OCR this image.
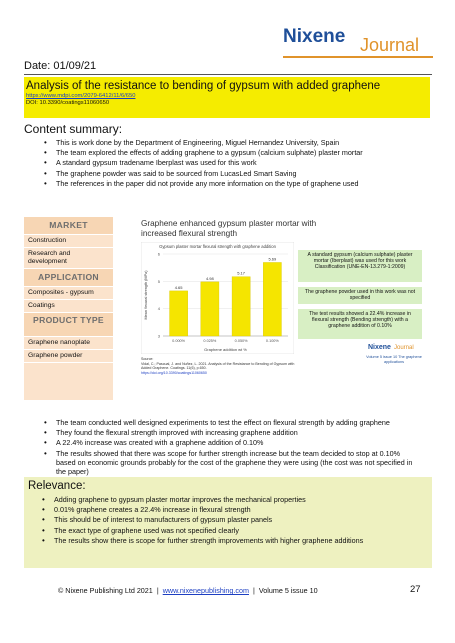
Nixene Journal
Date: 01/09/21
Analysis of the resistance to bending of gypsum with added graphene
https://www.mdpi.com/2079-6412/11/6/650
DOI: 10.3390/coatings11060650
Content summary:
• This is work done by the Department of Engineering, Miguel Hernandez University, Spain
• The team explored the effects of adding graphene to a gypsum (calcium sulphate) plaster mortar
• A standard gypsum tradename Iberplast was used for this work
• The graphene powder was said to be sourced from LucasLed Smart Saving
• The references in the paper did not provide any more information on the type of graphene used
MARKET
Construction
Research and development
APPLICATION
Composites - gypsum
Coatings
PRODUCT TYPE
Graphene nanoplate
Graphene powder
Graphene enhanced gypsum plaster mortar with increased flexural strength
Gypsum plaster mortar flexural strength with graphene addition
3
4
5
6
4.65
0.000%
4.98
0.025%
5.17
0.050%
5.69
0.100%
Graphene addition wt %
Mean flexural strength (MPa)
A standard gypsum (calcium sulphate) plaster mortar (Iberplast) was used for this work Classification (UNE-EN-13.279-1:2009)
The graphene powder used in this work was not specified
The test results showed a 22.4% increase in flexural strength (Bending strength) with a graphene addition of 0.10%
Nixene Journal
Volume 5 issue 10 The graphene applications
Source:
Vidal, C.; Pascual, J. and Nuñez, L. 2021. Analysis of the Resistance to Bending of Gypsum with Added Graphene. Coatings. 11(6), p.650.
https://doi.org/10.3390/coatings11060650
• The team conducted well designed experiments to test the effect on flexural strength by adding graphene
• They found the flexural strength improved with increasing graphene addition
• A 22.4% increase was created with a graphene addition of 0.10%
• The results showed that there was scope for further strength increase but the team decided to stop at 0.10% based on economic grounds probably for the cost of the graphene they were using (the cost was not specified in the paper)
Relevance:
• Adding graphene to gypsum plaster mortar improves the mechanical properties
• 0.01% graphene creates a 22.4% increase in flexural strength
• This should be of interest to manufacturers of gypsum plaster panels
• The exact type of graphene used was not specified clearly
• The results show there is scope for further strength improvements with higher graphene additions
© Nixene Publishing Ltd 2021 | www.nixenepublishing.com | Volume 5 issue 10	27
